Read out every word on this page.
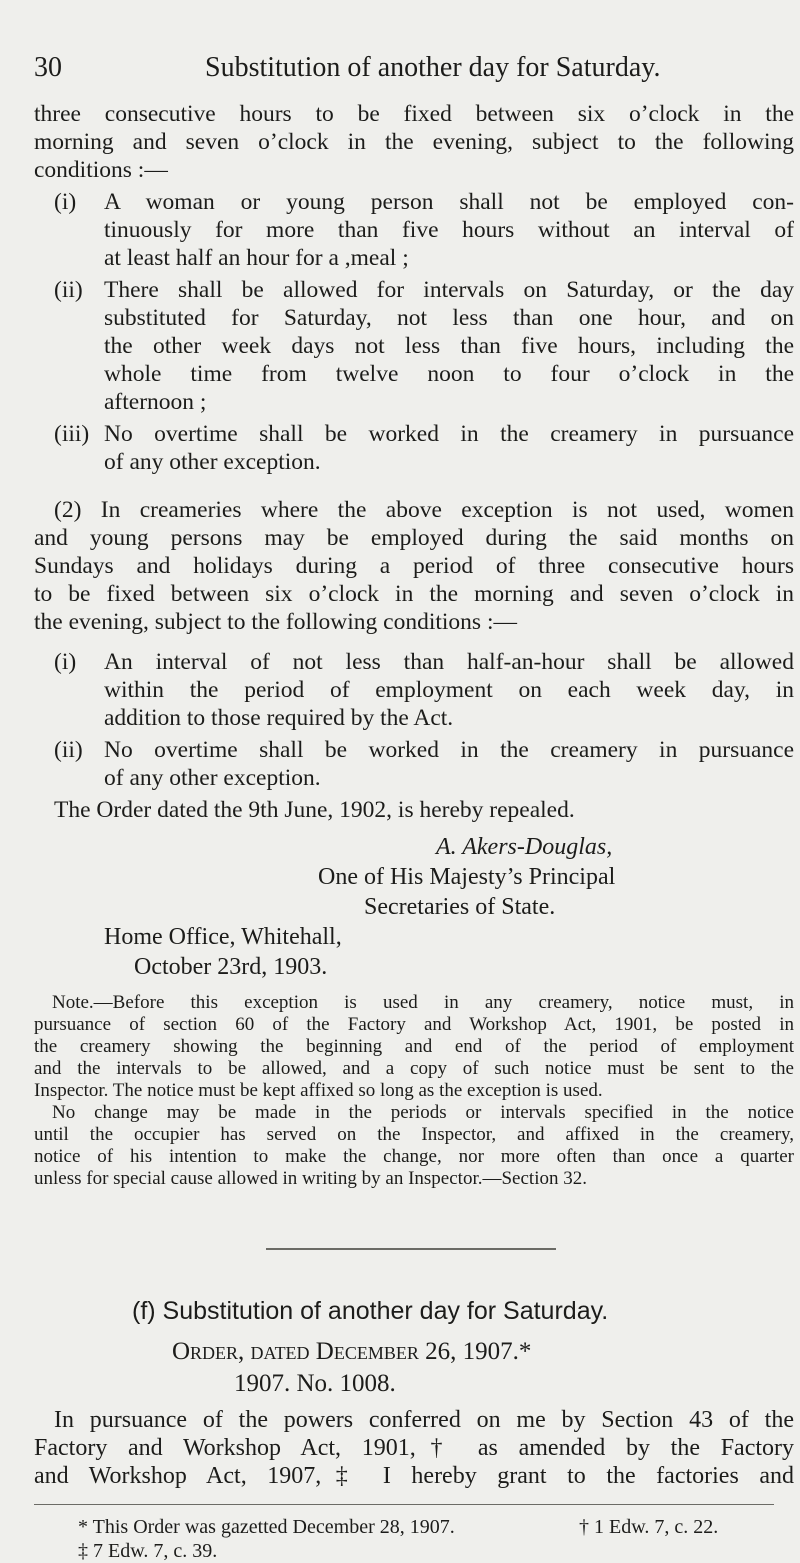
30	Substitution of another day for Saturday.

three consecutive hours to be fixed between six o’clock in the

morning and seven o’clock in the evening, subject to the following

conditions :—

(i)	A woman or young person shall not be employed con-

tinuously for more than five hours without an interval of

at least half an hour for a ,meal ;

(ii) There shall be allowed for intervals on Saturday, or the day

substituted for Saturday, not less than one hour, and on

the other week days not less than five hours, including the

whole time from twelve noon to four o’clock in the

afternoon ;

(iii) No overtime shall be worked in the creamery in pursuance

of any other exception.

(2) In creameries where the above exception is not used, women

and young persons may be employed during the said months on

Sundays and holidays during a period of three consecutive hours

to be fixed between six o’clock in the morning and seven o’clock in

the evening, subject to the following conditions :—

(i)	An interval of not less than half-an-hour shall be allowed

within the period of employment on each week day, in

addition to those required by the Act.

(ii) No overtime shall be worked in the creamery in pursuance

of any other exception.

The Order dated the 9th June, 1902, is hereby repealed.

A. Akers-Douglas,

One of His Majesty’s Principal

Secretaries of State.

Home Office, Whitehall,

October 23rd, 1903.

Note.—Before this exception is used in any creamery, notice must, in

pursuance of section 60 of the Factory and Workshop Act, 1901, be posted in

the creamery showing the beginning and end of the period of employment

and the intervals to be allowed, and a copy of such notice must be sent to the

Inspector. The notice must be kept affixed so long as the exception is used.

No change may be made in the periods or intervals specified in the notice

until the occupier has served on the Inspector, and affixed in the creamery,

notice of his intention to make the change, nor more often than once a quarter

unless for special cause allowed in writing by an Inspector.—Section 32.

(f) Substitution of another day for Saturday.

Order, dated December 26, 1907.*

1907. No. 1008.

In pursuance of the powers conferred on me by Section 43 of the

Factory and Workshop Act, 1901,† as amended by the Factory

and Workshop Act, 1907,‡ I hereby grant to the factories and

* This Order was gazetted December 28, 1907.	† 1 Edw. 7, c. 22.

‡ 7 Edw. 7, c. 39.
